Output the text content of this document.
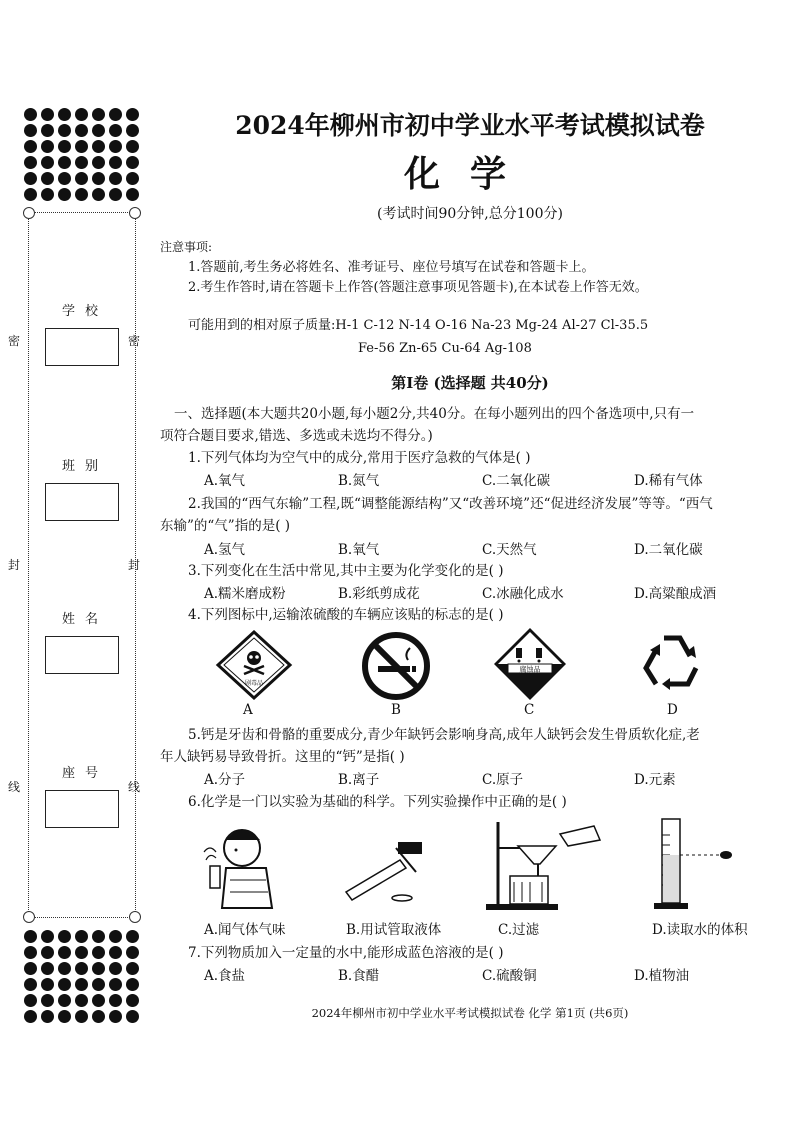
学校
班别
姓名
座号
密	密
封	封
线	线
2024年柳州市初中学业水平考试模拟试卷
化学
(考试时间90分钟,总分100分)
注意事项:
1.答题前,考生务必将姓名、准考证号、座位号填写在试卷和答题卡上。
2.考生作答时,请在答题卡上作答(答题注意事项见答题卡),在本试卷上作答无效。
可能用到的相对原子质量:H-1 C-12 N-14 O-16 Na-23 Mg-24 Al-27 Cl-35.5
Fe-56 Zn-65 Cu-64 Ag-108
第Ⅰ卷 (选择题 共40分)
一、选择题(本大题共20小题,每小题2分,共40分。在每小题列出的四个备选项中,只有一
项符合题目要求,错选、多选或未选均不得分。)
1.下列气体均为空气中的成分,常用于医疗急救的气体是( )
A.氧气	B.氮气	C.二氧化碳	D.稀有气体
2.我国的“西气东输”工程,既“调整能源结构”又“改善环境”还“促进经济发展”等等。“西气
东输”的“气”指的是( )
A.氢气	B.氧气	C.天然气	D.二氧化碳
3.下列变化在生活中常见,其中主要为化学变化的是( )
A.糯米磨成粉	B.彩纸剪成花	C.冰融化成水	D.高粱酿成酒
4.下列图标中,运输浓硫酸的车辆应该贴的标志的是( )
剧毒品
腐蚀品
A	B	C	D
5.钙是牙齿和骨骼的重要成分,青少年缺钙会影响身高,成年人缺钙会发生骨质软化症,老
年人缺钙易导致骨折。这里的“钙”是指( )
A.分子	B.离子	C.原子	D.元素
6.化学是一门以实验为基础的科学。下列实验操作中正确的是( )
A.闻气体气味	B.用试管取液体	C.过滤	D.读取水的体积
7.下列物质加入一定量的水中,能形成蓝色溶液的是( )
A.食盐	B.食醋	C.硫酸铜	D.植物油
2024年柳州市初中学业水平考试模拟试卷 化学 第1页 (共6页)
